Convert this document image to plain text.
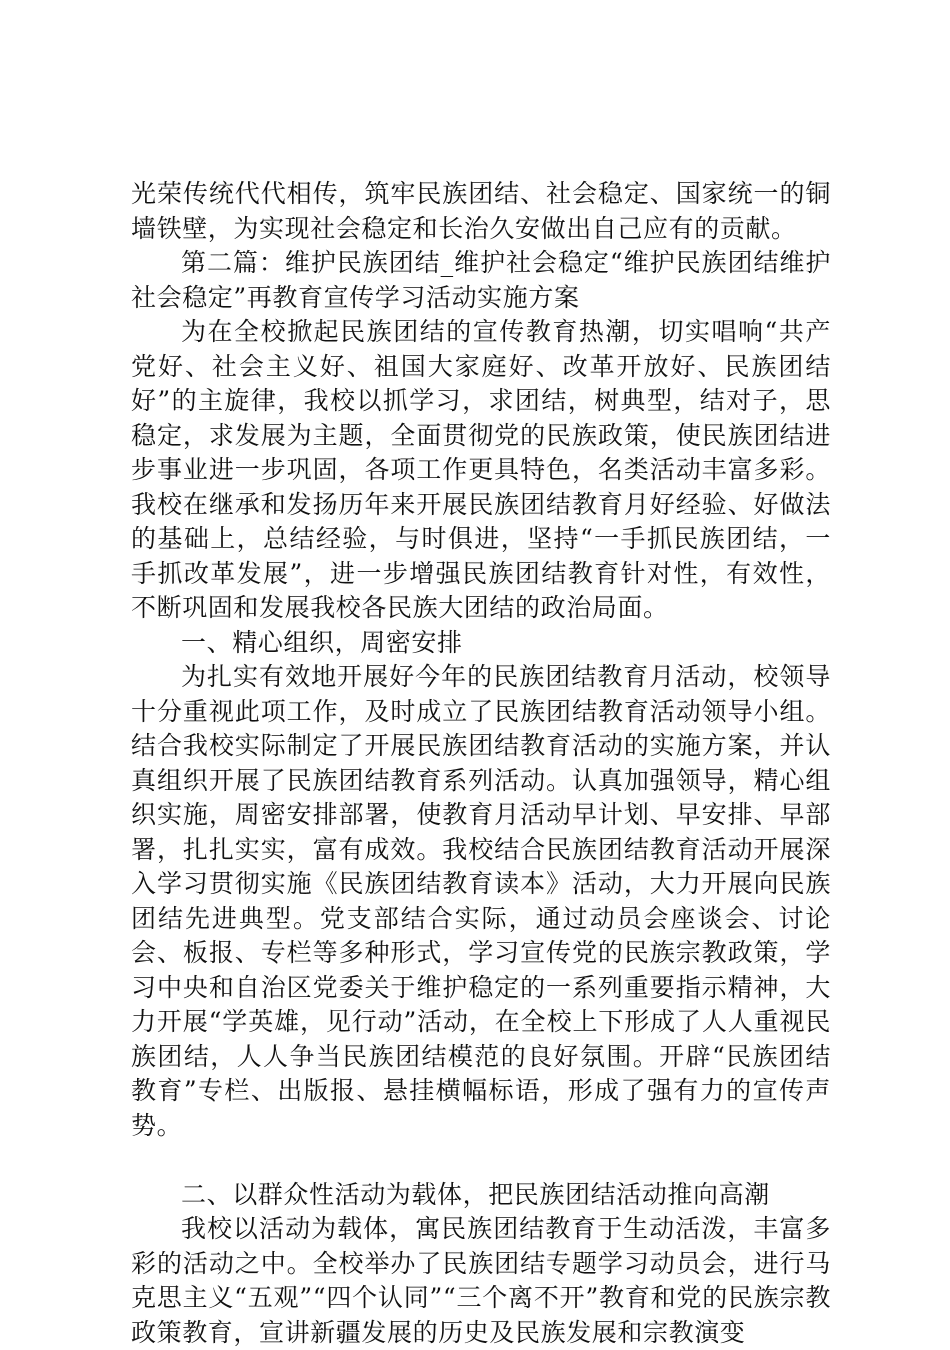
光荣传统代代相传，筑牢民族团结、社会稳定、国家统一的铜墙铁壁，为实现社会稳定和长治久安做出自己应有的贡献。

第二篇：维护民族团结_维护社会稳定“维护民族团结维护社会稳定”再教育宣传学习活动实施方案

为在全校掀起民族团结的宣传教育热潮，切实唱响“共产党好、社会主义好、祖国大家庭好、改革开放好、民族团结好”的主旋律，我校以抓学习，求团结，树典型，结对子，思稳定，求发展为主题，全面贯彻党的民族政策，使民族团结进步事业进一步巩固，各项工作更具特色，名类活动丰富多彩。我校在继承和发扬历年来开展民族团结教育月好经验、好做法的基础上，总结经验，与时俱进，坚持“一手抓民族团结，一手抓改革发展”，进一步增强民族团结教育针对性，有效性，不断巩固和发展我校各民族大团结的政治局面。

一、精心组织，周密安排

为扎实有效地开展好今年的民族团结教育月活动，校领导十分重视此项工作，及时成立了民族团结教育活动领导小组。结合我校实际制定了开展民族团结教育活动的实施方案，并认真组织开展了民族团结教育系列活动。认真加强领导，精心组织实施，周密安排部署，使教育月活动早计划、早安排、早部署，扎扎实实，富有成效。我校结合民族团结教育活动开展深入学习贯彻实施《民族团结教育读本》活动，大力开展向民族团结先进典型。党支部结合实际，通过动员会座谈会、讨论会、板报、专栏等多种形式，学习宣传党的民族宗教政策，学习中央和自治区党委关于维护稳定的一系列重要指示精神，大力开展“学英雄，见行动”活动，在全校上下形成了人人重视民族团结，人人争当民族团结模范的良好氛围。开辟“民族团结教育”专栏、出版报、悬挂横幅标语，形成了强有力的宣传声势。

二、以群众性活动为载体，把民族团结活动推向高潮

我校以活动为载体，寓民族团结教育于生动活泼，丰富多彩的活动之中。全校举办了民族团结专题学习动员会，进行马克思主义“五观”“四个认同”“三个离不开”教育和党的民族宗教政策教育，宣讲新疆发展的历史及民族发展和宗教演变
